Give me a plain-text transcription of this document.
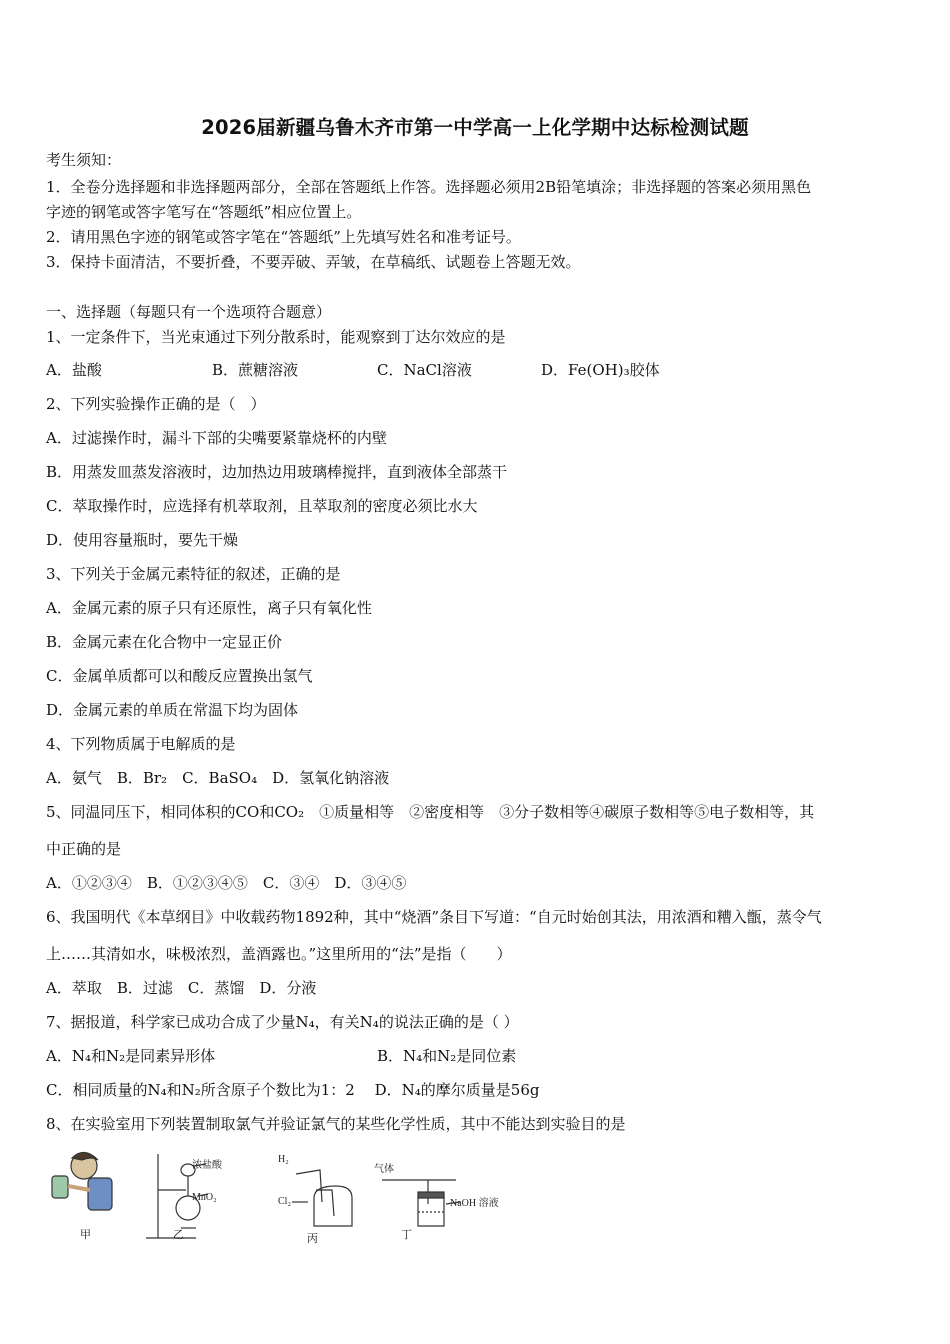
2026届新疆乌鲁木齐市第一中学高一上化学期中达标检测试题
考生须知：
1．全卷分选择题和非选择题两部分，全部在答题纸上作答。选择题必须用2B铅笔填涂；非选择题的答案必须用黑色
字迹的钢笔或答字笔写在“答题纸”相应位置上。
2．请用黑色字迹的钢笔或答字笔在“答题纸”上先填写姓名和准考证号。
3．保持卡面清洁，不要折叠，不要弄破、弄皱，在草稿纸、试题卷上答题无效。
一、选择题（每题只有一个选项符合题意）
1、一定条件下，当光束通过下列分散系时，能观察到丁达尔效应的是
A．盐酸	B．蔗糖溶液	C．NaCl溶液	D．Fe(OH)₃胶体
2、下列实验操作正确的是（　）
A．过滤操作时，漏斗下部的尖嘴要紧靠烧杯的内壁
B．用蒸发皿蒸发溶液时，边加热边用玻璃棒搅拌，直到液体全部蒸干
C．萃取操作时，应选择有机萃取剂，且萃取剂的密度必须比水大
D．使用容量瓶时，要先干燥
3、下列关于金属元素特征的叙述，正确的是
A．金属元素的原子只有还原性，离子只有氧化性
B．金属元素在化合物中一定显正价
C．金属单质都可以和酸反应置换出氢气
D．金属元素的单质在常温下均为固体
4、下列物质属于电解质的是
A．氨气　B．Br₂　C．BaSO₄　D．氢氧化钠溶液
5、同温同压下，相同体积的CO和CO₂　①质量相等　②密度相等　③分子数相等④碳原子数相等⑤电子数相等，其
中正确的是
A．①②③④　B．①②③④⑤　C．③④　D．③④⑤
6、我国明代《本草纲目》中收载药物1892种，其中“烧酒”条目下写道：“自元时始创其法，用浓酒和糟入甑，蒸令气
上……其清如水，味极浓烈，盖酒露也。”这里所用的“法”是指（　　）
A．萃取　B．过滤　C．蒸馏　D．分液
7、据报道，科学家已成功合成了少量N₄，有关N₄的说法正确的是（ ）
A．N₄和N₂是同素异形体	B．N₄和N₂是同位素
C．相同质量的N₄和N₂所含原子个数比为1：2　 D．N₄的摩尔质量是56g
8、在实验室用下列装置制取氯气并验证氯气的某些化学性质，其中不能达到实验目的是
浓盐酸
MnO₂
H₂
Cl₂
气体
NaOH 溶液
甲	乙	丙	丁
